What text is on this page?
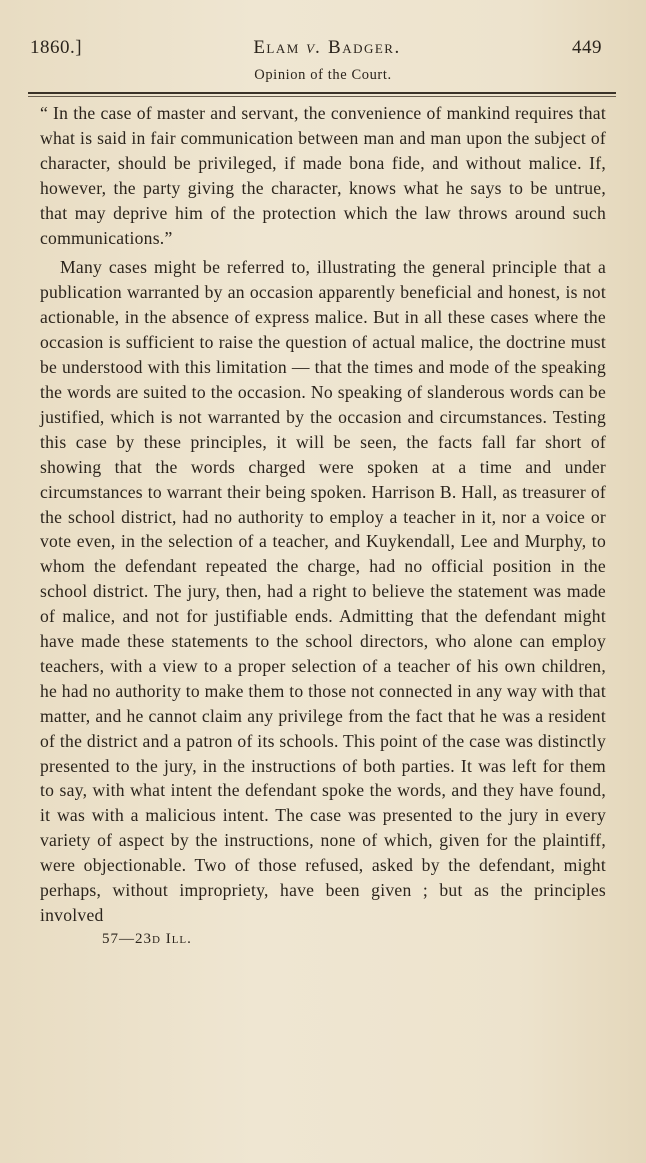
1860.]	Elam v. Badger.	449
Opinion of the Court.

“ In the case of master and servant, the convenience of mankind requires that what is said in fair communication between man and man upon the subject of character, should be privileged, if made bona fide, and without malice. If, however, the party giving the character, knows what he says to be untrue, that may deprive him of the protection which the law throws around such communications.”

Many cases might be referred to, illustrating the general principle that a publication warranted by an occasion apparently beneficial and honest, is not actionable, in the absence of express malice. But in all these cases where the occasion is sufficient to raise the question of actual malice, the doctrine must be understood with this limitation — that the times and mode of the speaking the words are suited to the occasion. No speaking of slanderous words can be justified, which is not warranted by the occasion and circumstances. Testing this case by these principles, it will be seen, the facts fall far short of showing that the words charged were spoken at a time and under circumstances to warrant their being spoken. Harrison B. Hall, as treasurer of the school district, had no authority to employ a teacher in it, nor a voice or vote even, in the selection of a teacher, and Kuykendall, Lee and Murphy, to whom the defendant repeated the charge, had no official position in the school district. The jury, then, had a right to believe the statement was made of malice, and not for justifiable ends. Admitting that the defendant might have made these statements to the school directors, who alone can employ teachers, with a view to a proper selection of a teacher of his own children, he had no authority to make them to those not connected in any way with that matter, and he cannot claim any privilege from the fact that he was a resident of the district and a patron of its schools. This point of the case was distinctly presented to the jury, in the instructions of both parties. It was left for them to say, with what intent the defendant spoke the words, and they have found, it was with a malicious intent. The case was presented to the jury in every variety of aspect by the instructions, none of which, given for the plaintiff, were objectionable. Two of those refused, asked by the defendant, might perhaps, without impropriety, have been given ; but as the principles involved

57—23d Ill.
